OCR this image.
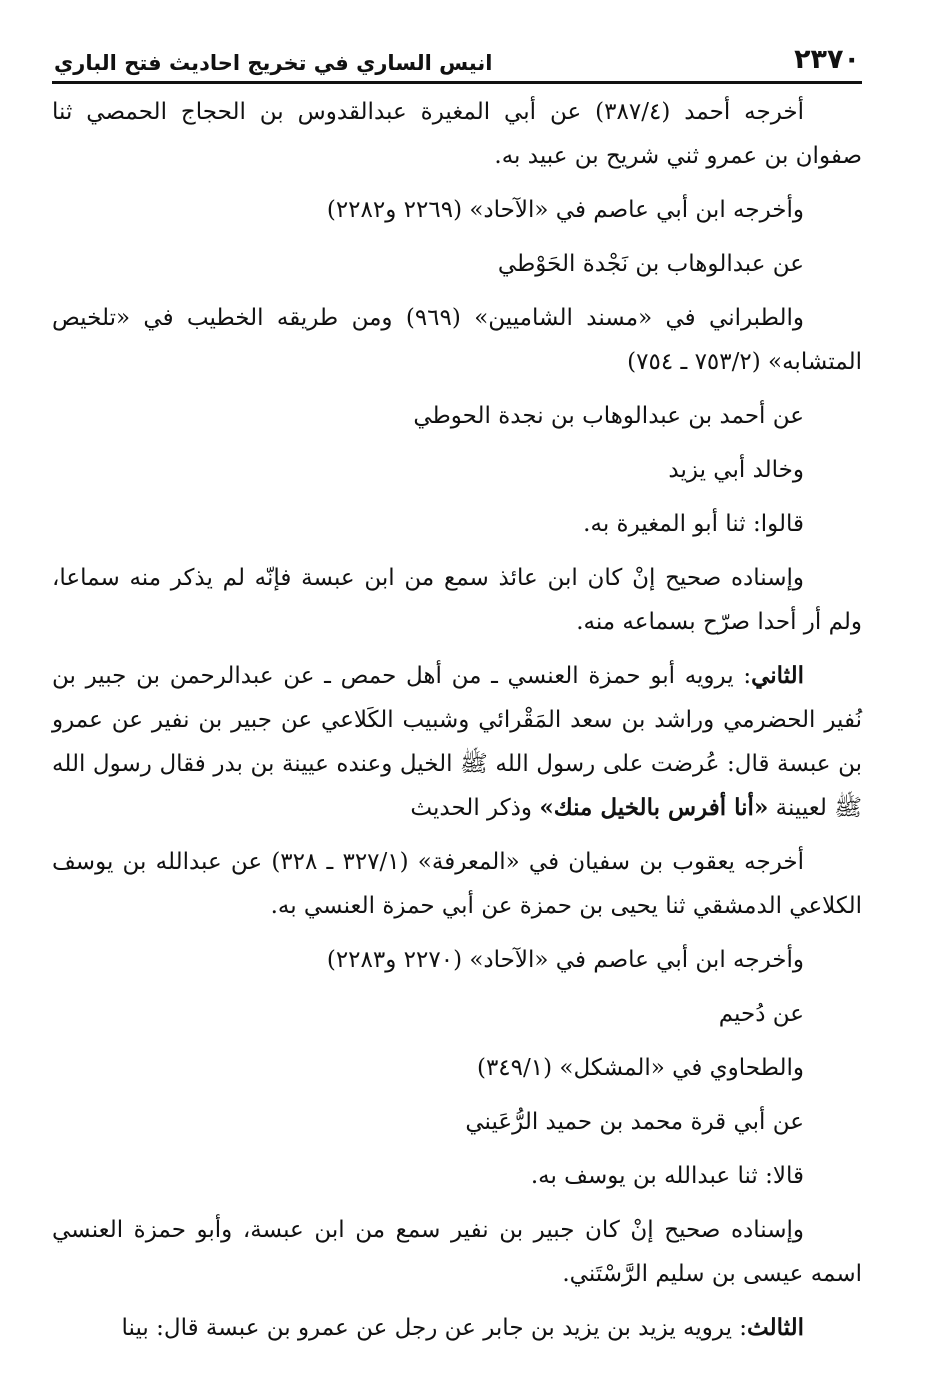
٢٣٧٠
انيس الساري في تخريج احاديث فتح الباري

أخرجه أحمد (٣٨٧/٤) عن أبي المغيرة عبدالقدوس بن الحجاج الحمصي ثنا صفوان بن عمرو ثني شريح بن عبيد به.

وأخرجه ابن أبي عاصم في «الآحاد» (٢٢٦٩ و٢٢٨٢)

عن عبدالوهاب بن نَجْدة الحَوْطي

والطبراني في «مسند الشاميين» (٩٦٩) ومن طريقه الخطيب في «تلخيص المتشابه» (٧٥٣/٢ ـ ٧٥٤)

عن أحمد بن عبدالوهاب بن نجدة الحوطي

وخالد أبي يزيد

قالوا: ثنا أبو المغيرة به.

وإسناده صحيح إنْ كان ابن عائذ سمع من ابن عبسة فإنّه لم يذكر منه سماعا، ولم أر أحدا صرّح بسماعه منه.

الثاني: يرويه أبو حمزة العنسي ـ من أهل حمص ـ عن عبدالرحمن بن جبير بن نُفير الحضرمي وراشد بن سعد المَقْرائي وشبيب الكَلاعي عن جبير بن نفير عن عمرو بن عبسة قال: عُرضت على رسول الله ﷺ الخيل وعنده عيينة بن بدر فقال رسول الله ﷺ لعيينة «أنا أفرس بالخيل منك» وذكر الحديث

أخرجه يعقوب بن سفيان في «المعرفة» (٣٢٧/١ ـ ٣٢٨) عن عبدالله بن يوسف الكلاعي الدمشقي ثنا يحيى بن حمزة عن أبي حمزة العنسي به.

وأخرجه ابن أبي عاصم في «الآحاد» (٢٢٧٠ و٢٢٨٣)

عن دُحيم

والطحاوي في «المشكل» (٣٤٩/١)

عن أبي قرة محمد بن حميد الرُّعَيني

قالا: ثنا عبدالله بن يوسف به.

وإسناده صحيح إنْ كان جبير بن نفير سمع من ابن عبسة، وأبو حمزة العنسي اسمه عيسى بن سليم الرَّسْتَني.

الثالث: يرويه يزيد بن يزيد بن جابر عن رجل عن عمرو بن عبسة قال: بينا
